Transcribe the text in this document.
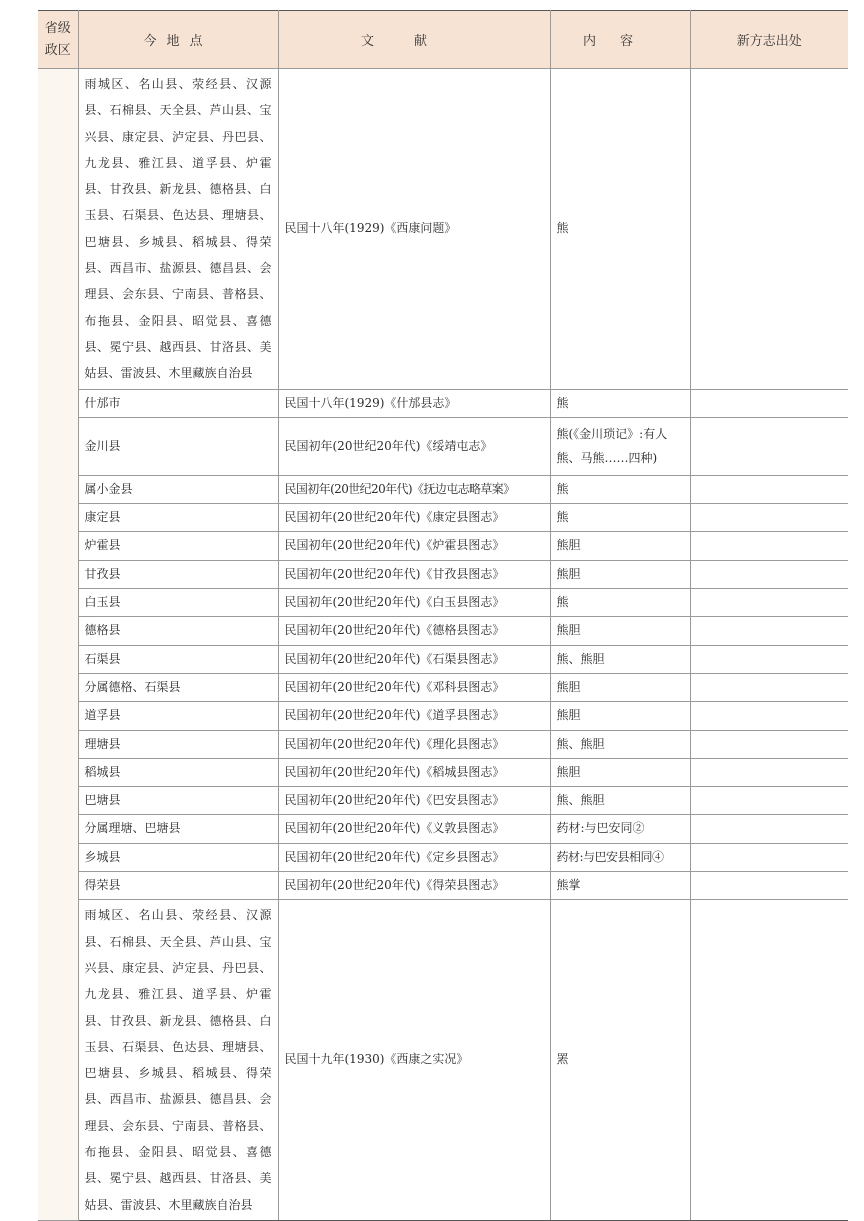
省级
政区	今地点	文献	内容	新方志出处
	雨城区、名山县、荥经县、汉源县、石棉县、天全县、芦山县、宝兴县、康定县、泸定县、丹巴县、九龙县、雅江县、道孚县、炉霍县、甘孜县、新龙县、德格县、白玉县、石渠县、色达县、理塘县、巴塘县、乡城县、稻城县、得荣县、西昌市、盐源县、德昌县、会理县、会东县、宁南县、普格县、布拖县、金阳县、昭觉县、喜德县、冕宁县、越西县、甘洛县、美姑县、雷波县、木里藏族自治县	民国十八年(1929)《西康问题》	熊	
	什邡市	民国十八年(1929)《什邡县志》	熊	
	金川县	民国初年(20世纪20年代)《绥靖屯志》	熊(《金川琐记》:有人熊、马熊……四种)	
	属小金县	民国初年(20世纪20年代)《抚边屯志略草案》	熊	
	康定县	民国初年(20世纪20年代)《康定县图志》	熊	
	炉霍县	民国初年(20世纪20年代)《炉霍县图志》	熊胆	
	甘孜县	民国初年(20世纪20年代)《甘孜县图志》	熊胆	
	白玉县	民国初年(20世纪20年代)《白玉县图志》	熊	
	德格县	民国初年(20世纪20年代)《德格县图志》	熊胆	
	石渠县	民国初年(20世纪20年代)《石渠县图志》	熊、熊胆	
	分属德格、石渠县	民国初年(20世纪20年代)《邓科县图志》	熊胆	
	道孚县	民国初年(20世纪20年代)《道孚县图志》	熊胆	
	理塘县	民国初年(20世纪20年代)《理化县图志》	熊、熊胆	
	稻城县	民国初年(20世纪20年代)《稻城县图志》	熊胆	
	巴塘县	民国初年(20世纪20年代)《巴安县图志》	熊、熊胆	
	分属理塘、巴塘县	民国初年(20世纪20年代)《义敦县图志》	药材:与巴安同②	
	乡城县	民国初年(20世纪20年代)《定乡县图志》	药材:与巴安县相同④	
	得荣县	民国初年(20世纪20年代)《得荣县图志》	熊掌	
	雨城区、名山县、荥经县、汉源县、石棉县、天全县、芦山县、宝兴县、康定县、泸定县、丹巴县、九龙县、雅江县、道孚县、炉霍县、甘孜县、新龙县、德格县、白玉县、石渠县、色达县、理塘县、巴塘县、乡城县、稻城县、得荣县、西昌市、盐源县、德昌县、会理县、会东县、宁南县、普格县、布拖县、金阳县、昭觉县、喜德县、冕宁县、越西县、甘洛县、美姑县、雷波县、木里藏族自治县	民国十九年(1930)《西康之实况》	罴	
